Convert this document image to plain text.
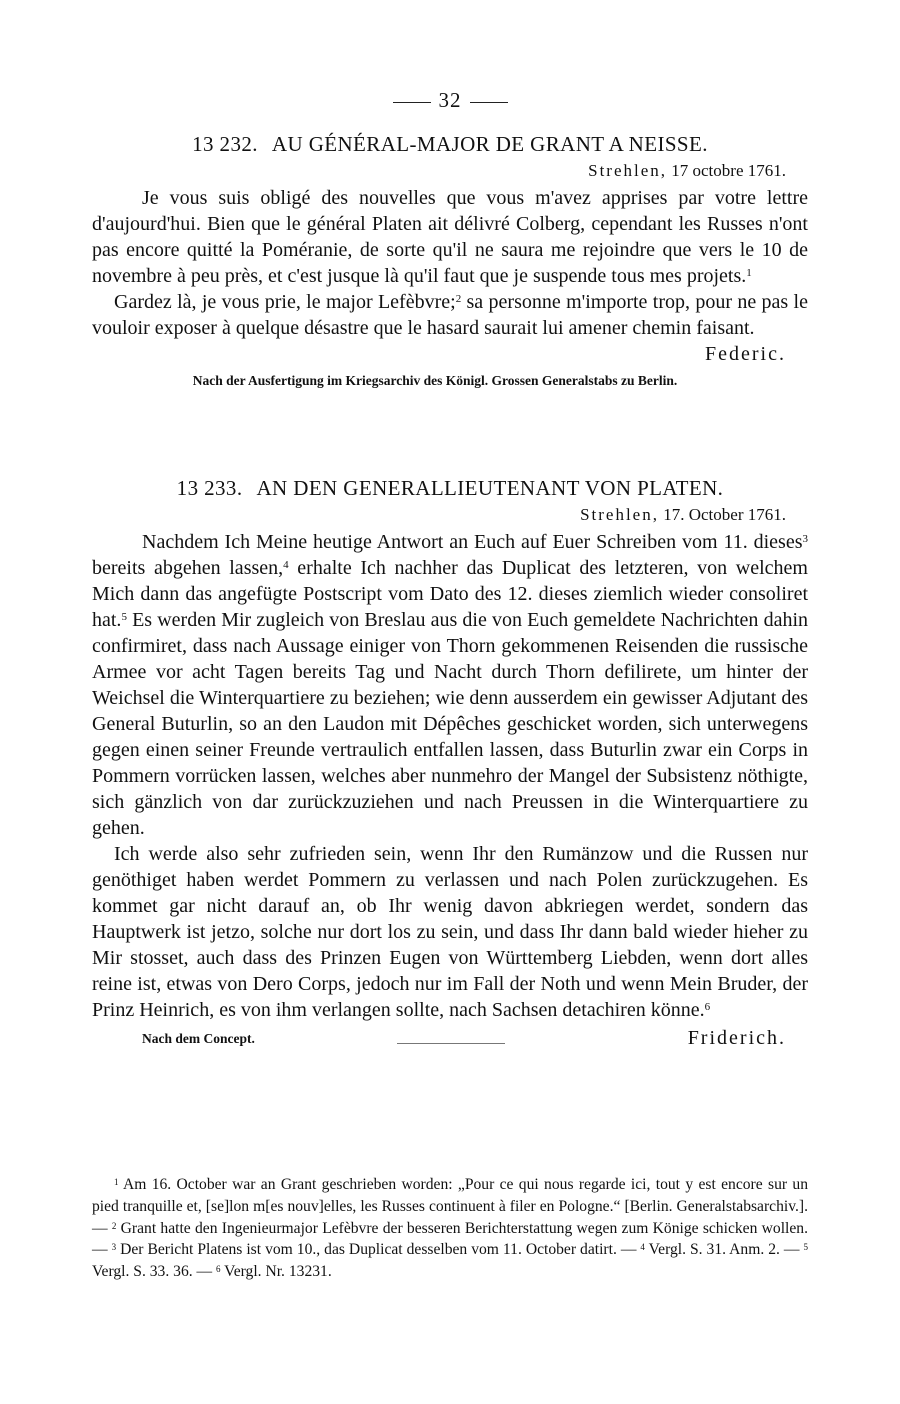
32
13 232. AU GÉNÉRAL-MAJOR DE GRANT A NEISSE.
Strehlen, 17 octobre 1761.

Je vous suis obligé des nouvelles que vous m'avez apprises par votre lettre d'aujourd'hui. Bien que le général Platen ait délivré Colberg, cependant les Russes n'ont pas encore quitté la Poméranie, de sorte qu'il ne saura me rejoindre que vers le 10 de novembre à peu près, et c'est jusque là qu'il faut que je suspende tous mes projets.$^1$

Gardez là, je vous prie, le major Lefèbvre;$^2$ sa personne m'importe trop, pour ne pas le vouloir exposer à quelque désastre que le hasard saurait lui amener chemin faisant.

Federic.
Nach der Ausfertigung im Kriegsarchiv des Königl. Grossen Generalstabs zu Berlin.
13 233. AN DEN GENERALLIEUTENANT VON PLATEN.
Strehlen, 17. October 1761.

Nachdem Ich Meine heutige Antwort an Euch auf Euer Schreiben vom 11. dieses$^3$ bereits abgehen lassen,$^4$ erhalte Ich nachher das Duplicat des letzteren, von welchem Mich dann das angefügte Postscript vom Dato des 12. dieses ziemlich wieder consoliret hat.$^5$ Es werden Mir zugleich von Breslau aus die von Euch gemeldete Nachrichten dahin confirmiret, dass nach Aussage einiger von Thorn gekommenen Reisenden die russische Armee vor acht Tagen bereits Tag und Nacht durch Thorn defilirete, um hinter der Weichsel die Winterquartiere zu beziehen; wie denn ausserdem ein gewisser Adjutant des General Buturlin, so an den Laudon mit Dépêches geschicket worden, sich unterwegens gegen einen seiner Freunde vertraulich entfallen lassen, dass Buturlin zwar ein Corps in Pommern vorrücken lassen, welches aber nunmehro der Mangel der Subsistenz nöthigte, sich gänzlich von dar zurückzuziehen und nach Preussen in die Winterquartiere zu gehen.

Ich werde also sehr zufrieden sein, wenn Ihr den Rumänzow und die Russen nur genöthiget haben werdet Pommern zu verlassen und nach Polen zurückzugehen. Es kommet gar nicht darauf an, ob Ihr wenig davon abkriegen werdet, sondern das Hauptwerk ist jetzo, solche nur dort los zu sein, und dass Ihr dann bald wieder hieher zu Mir stosset, auch dass des Prinzen Eugen von Württemberg Liebden, wenn dort alles reine ist, etwas von Dero Corps, jedoch nur im Fall der Noth und wenn Mein Bruder, der Prinz Heinrich, es von ihm verlangen sollte, nach Sachsen detachiren könne.$^6$

Nach dem Concept.	Friderich.

$^1$ Am 16. October war an Grant geschrieben worden: „Pour ce qui nous regarde ici, tout y est encore sur un pied tranquille et, [se]lon m[es nouv]elles, les Russes continuent à filer en Pologne.“ [Berlin. Generalstabsarchiv.]. — $^2$ Grant hatte den Ingenieurmajor Lefèbvre der besseren Berichterstattung wegen zum Könige schicken wollen. — $^3$ Der Bericht Platens ist vom 10., das Duplicat desselben vom 11. October datirt. — $^4$ Vergl. S. 31. Anm. 2. — $^5$ Vergl. S. 33. 36. — $^6$ Vergl. Nr. 13231.
